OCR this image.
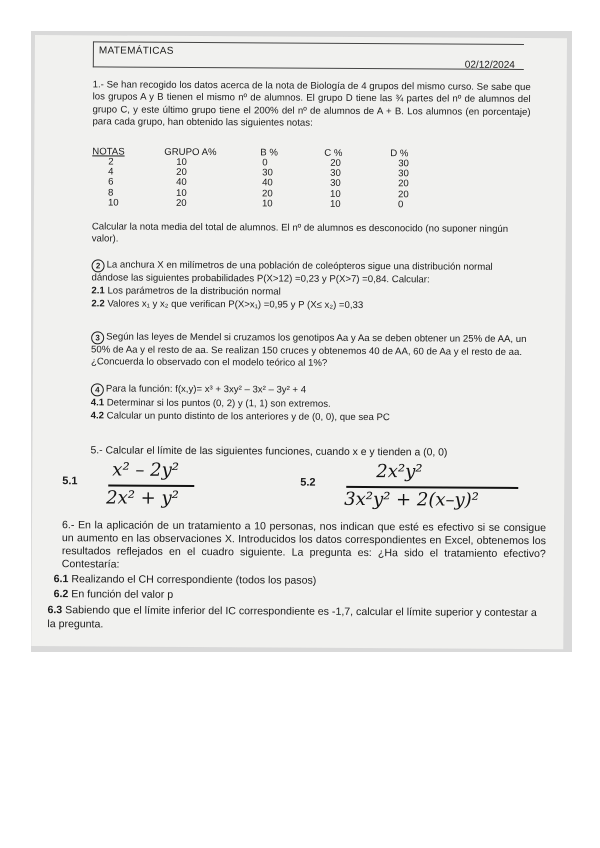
MATEMÁTICAS
02/12/2024
1.- Se han recogido los datos acerca de la nota de Biología de 4 grupos del mismo curso. Se sabe que los grupos A y B tienen el mismo nº de alumnos. El grupo D tiene las ¾ partes del nº de alumnos del grupo C, y este último grupo tiene el 200% del nº de alumnos de A + B. Los alumnos (en porcentaje) para cada grupo, han obtenido las siguientes notas:
NOTAS	GRUPO A%	B %	C %	D %
2	10	0	20	30
4	20	30	30	30
6	40	40	30	20
8	10	20	10	20
10	20	10	10	0
Calcular la nota media del total de alumnos. El nº de alumnos es desconocido (no suponer ningún valor).
2 La anchura X en milímetros de una población de coleópteros sigue una distribución normal dándose las siguientes probabilidades P(X>12) =0,23 y P(X>7) =0,84. Calcular:
2.1 Los parámetros de la distribución normal
2.2 Valores x₁ y x₂ que verifican P(X>x₁) =0,95 y P (X≤ x₂) =0,33
3 Según las leyes de Mendel si cruzamos los genotipos Aa y Aa se deben obtener un 25% de AA, un 50% de Aa y el resto de aa. Se realizan 150 cruces y obtenemos 40 de AA, 60 de Aa y el resto de aa. ¿Concuerda lo observado con el modelo teórico al 1%?
4 Para la función: f(x,y)= x³ + 3xy² – 3x² – 3y² + 4
4.1 Determinar si los puntos (0, 2) y (1, 1) son extremos.
4.2 Calcular un punto distinto de los anteriores y de (0, 0), que sea PC
5.- Calcular el límite de las siguientes funciones, cuando x e y tienden a (0, 0)
5.1
x² – 2y²
2x² + y²
5.2
2x²y²
3x²y² + 2(x–y)²
6.- En la aplicación de un tratamiento a 10 personas, nos indican que esté es efectivo si se consigue un aumento en las observaciones X. Introducidos los datos correspondientes en Excel, obtenemos los resultados reflejados en el cuadro siguiente. La pregunta es: ¿Ha sido el tratamiento efectivo? Contestaría:
6.1 Realizando el CH correspondiente (todos los pasos)
6.2 En función del valor p
6.3 Sabiendo que el límite inferior del IC correspondiente es -1,7, calcular el límite superior y contestar a la pregunta.
